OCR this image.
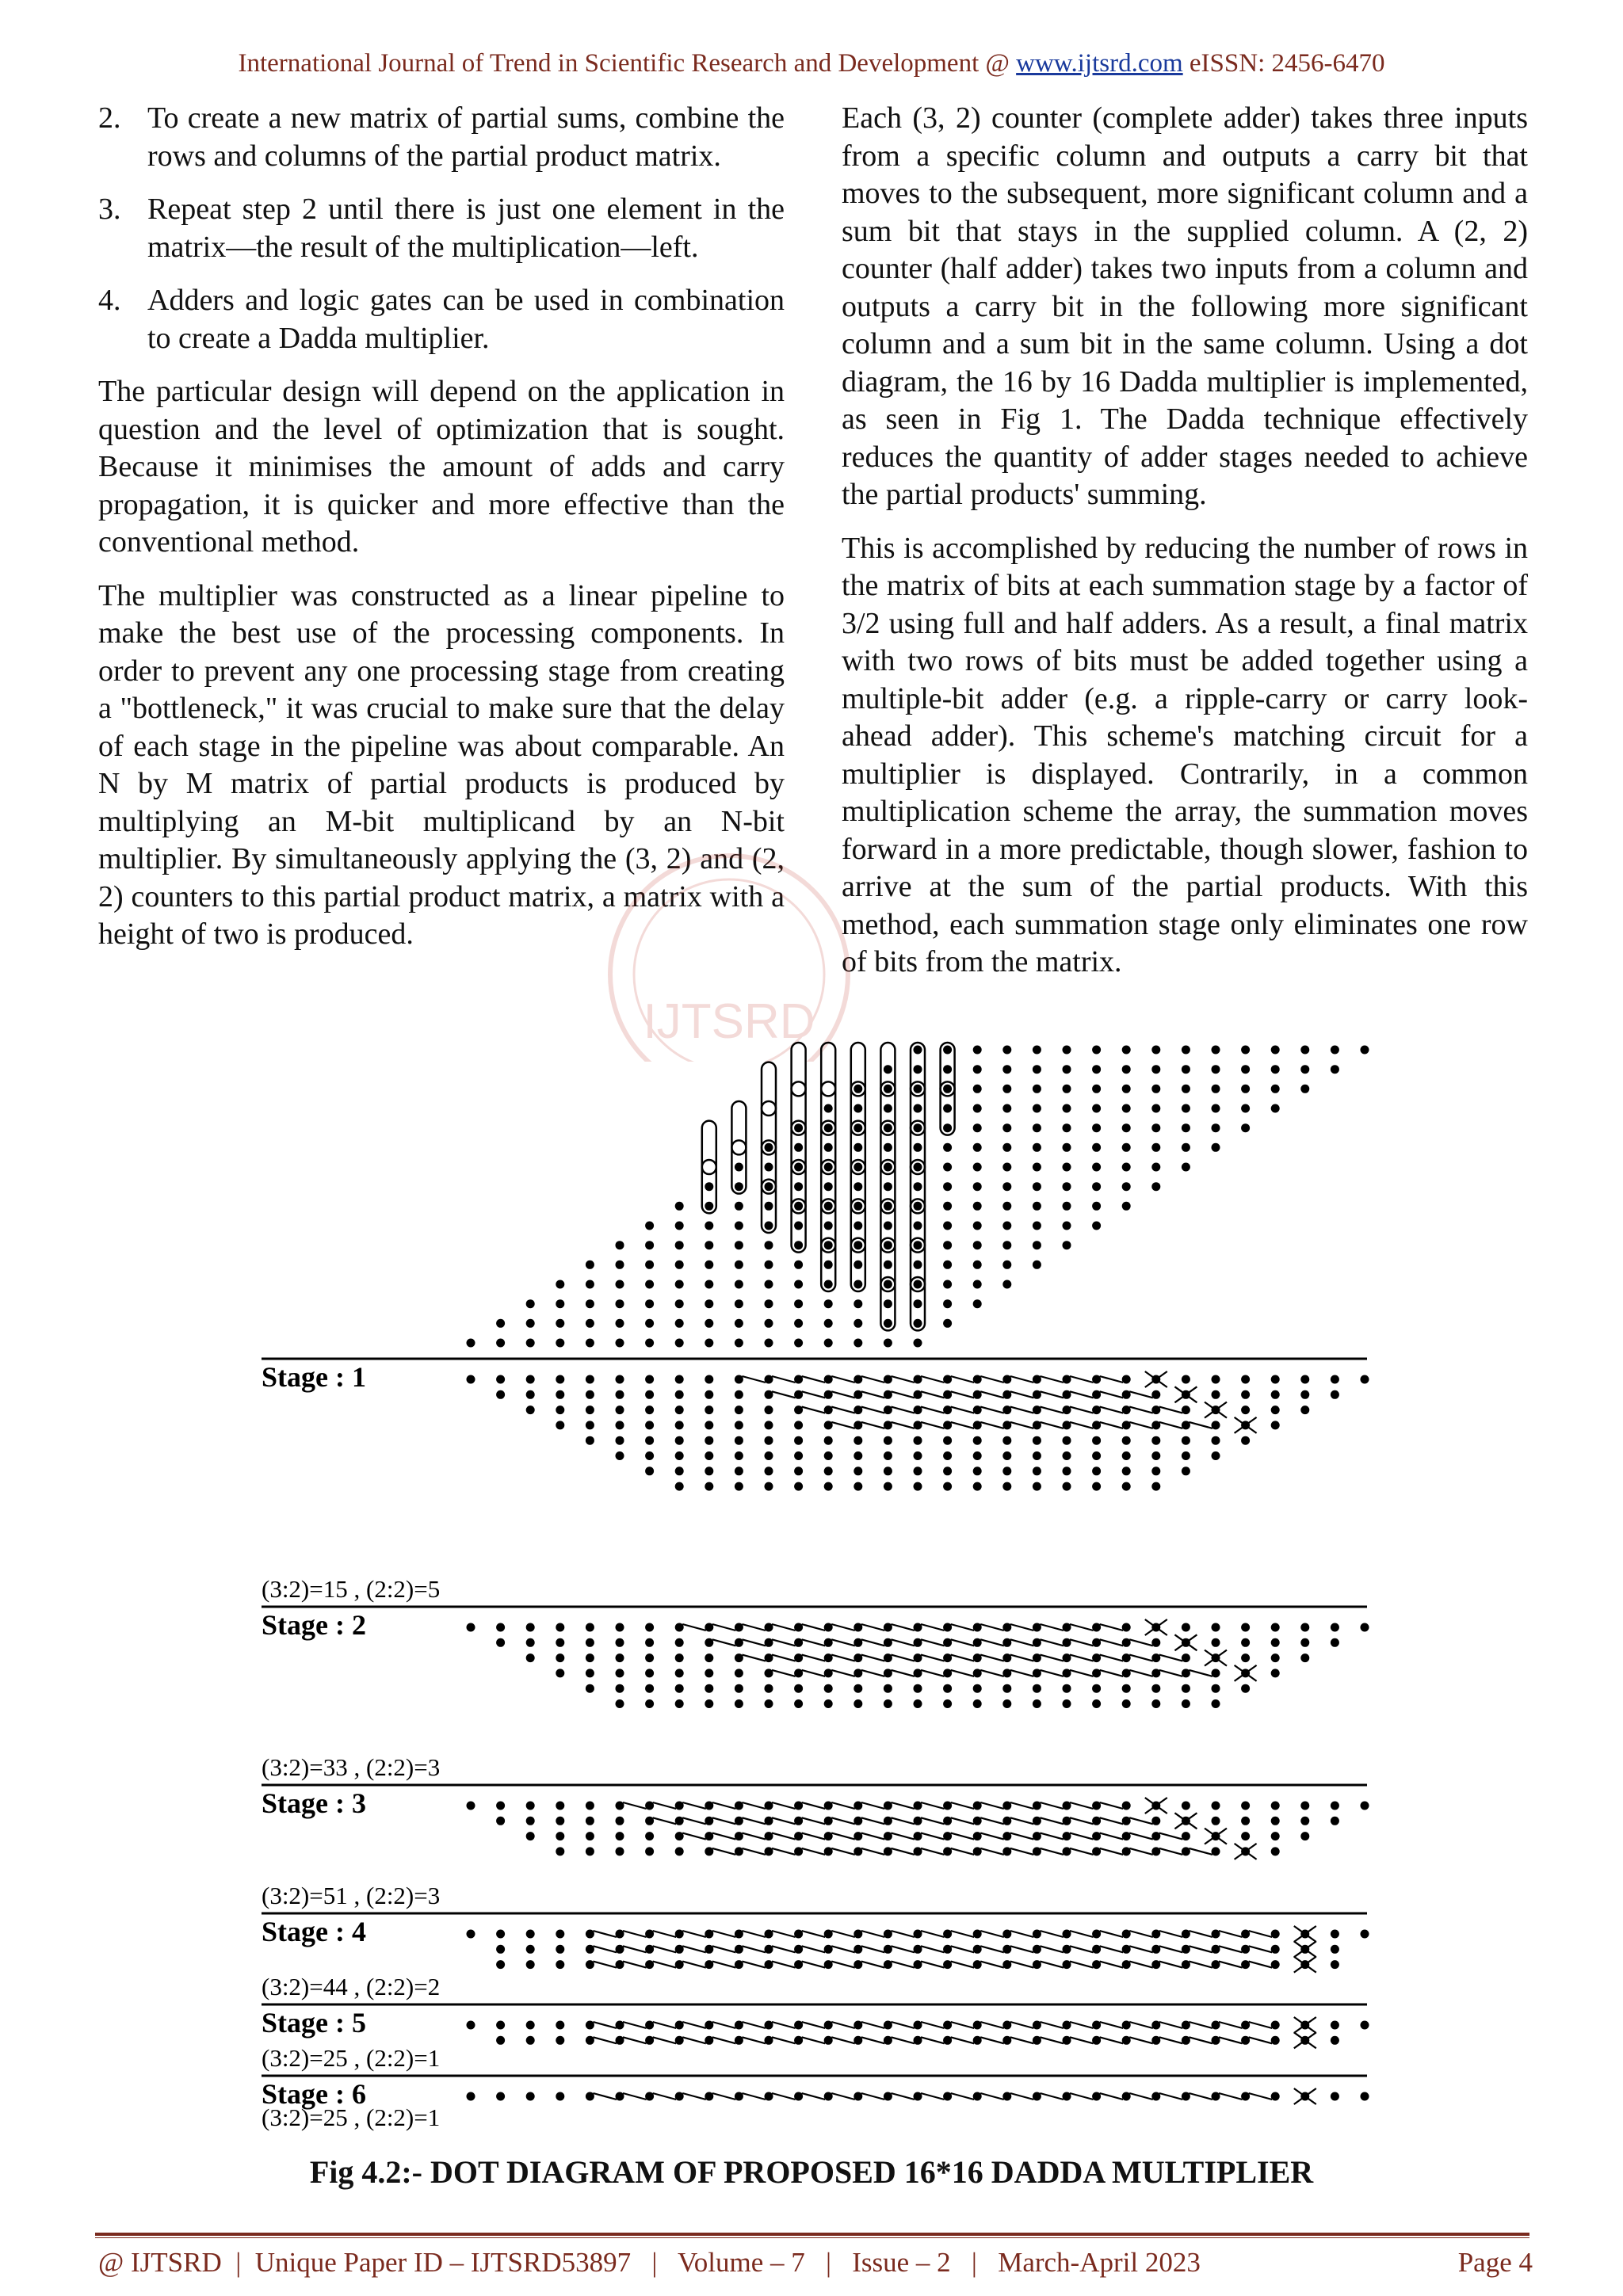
International Journal of Trend in Scientific Research and Development @ www.ijtsrd.com eISSN: 2456-6470
2. To create a new matrix of partial sums, combine the rows and columns of the partial product matrix.
3. Repeat step 2 until there is just one element in the matrix—the result of the multiplication—left.
4. Adders and logic gates can be used in combination to create a Dadda multiplier.

The particular design will depend on the application in question and the level of optimization that is sought. Because it minimises the amount of adds and carry propagation, it is quicker and more effective than the conventional method.

The multiplier was constructed as a linear pipeline to make the best use of the processing components. In order to prevent any one processing stage from creating a "bottleneck," it was crucial to make sure that the delay of each stage in the pipeline was about comparable. An N by M matrix of partial products is produced by multiplying an M-bit multiplicand by an N-bit multiplier. By simultaneously applying the (3, 2) and (2, 2) counters to this partial product matrix, a matrix with a height of two is produced.

Each (3, 2) counter (complete adder) takes three inputs from a specific column and outputs a carry bit that moves to the subsequent, more significant column and a sum bit that stays in the supplied column. A (2, 2) counter (half adder) takes two inputs from a column and outputs a carry bit in the following more significant column and a sum bit in the same column. Using a dot diagram, the 16 by 16 Dadda multiplier is implemented, as seen in Fig 1. The Dadda technique effectively reduces the quantity of adder stages needed to achieve the partial products' summing.

This is accomplished by reducing the number of rows in the matrix of bits at each summation stage by a factor of 3/2 using full and half adders. As a result, a final matrix with two rows of bits must be added together using a multiple-bit adder (e.g. a ripple-carry or carry look-ahead adder). This scheme's matching circuit for a multiplier is displayed. Contrarily, in a common multiplication scheme the array, the summation moves forward in a more predictable, though slower, fashion to arrive at the sum of the partial products. With this method, each summation stage only eliminates one row of bits from the matrix.

IJTSRD
Stage : 1
(3:2)=15 , (2:2)=5
Stage : 2
(3:2)=33 , (2:2)=3
Stage : 3
(3:2)=51 , (2:2)=3
Stage : 4
(3:2)=44 , (2:2)=2
Stage : 5
(3:2)=25 , (2:2)=1
Stage : 6
(3:2)=25 , (2:2)=1
Fig 4.2:- DOT DIAGRAM OF PROPOSED 16*16 DADDA MULTIPLIER
@ IJTSRD  |  Unique Paper ID – IJTSRD53897   |   Volume – 7   |   Issue – 2   |   March-April 2023	Page 4
